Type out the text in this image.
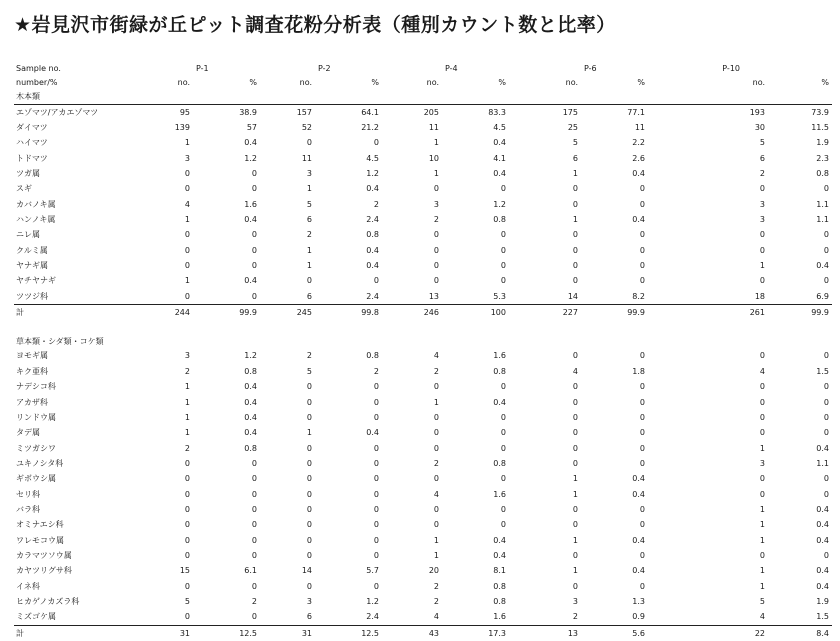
★岩見沢市街緑が丘ピット調査花粉分析表（種別カウント数と比率）
Sample no.		P-1		P-2		P-4		P-6	P-10	
number/%	no.	%	no.	%	no.	%	no.	%	no.	%
木本類										
エゾマツ/アカエゾマツ	95	38.9	157	64.1	205	83.3	175	77.1	193	73.9
ダイマツ	139	57	52	21.2	11	4.5	25	11	30	11.5
ハイマツ	1	0.4	0	0	1	0.4	5	2.2	5	1.9
トドマツ	3	1.2	11	4.5	10	4.1	6	2.6	6	2.3
ツガ属	0	0	3	1.2	1	0.4	1	0.4	2	0.8
スギ	0	0	1	0.4	0	0	0	0	0	0
カバノキ属	4	1.6	5	2	3	1.2	0	0	3	1.1
ハンノキ属	1	0.4	6	2.4	2	0.8	1	0.4	3	1.1
ニレ属	0	0	2	0.8	0	0	0	0	0	0
クルミ属	0	0	1	0.4	0	0	0	0	0	0
ヤナギ属	0	0	1	0.4	0	0	0	0	1	0.4
ヤチヤナギ	1	0.4	0	0	0	0	0	0	0	0
ツツジ科	0	0	6	2.4	13	5.3	14	8.2	18	6.9
計	244	99.9	245	99.8	246	100	227	99.9	261	99.9

草本類・シダ類・コケ類										
ヨモギ属	3	1.2	2	0.8	4	1.6	0	0	0	0
キク亜科	2	0.8	5	2	2	0.8	4	1.8	4	1.5
ナデシコ科	1	0.4	0	0	0	0	0	0	0	0
アカザ科	1	0.4	0	0	1	0.4	0	0	0	0
リンドウ属	1	0.4	0	0	0	0	0	0	0	0
タデ属	1	0.4	1	0.4	0	0	0	0	0	0
ミツガシワ	2	0.8	0	0	0	0	0	0	1	0.4
ユキノシタ科	0	0	0	0	2	0.8	0	0	3	1.1
ギボウシ属	0	0	0	0	0	0	1	0.4	0	0
セリ科	0	0	0	0	4	1.6	1	0.4	0	0
バラ科	0	0	0	0	0	0	0	0	1	0.4
オミナエシ科	0	0	0	0	0	0	0	0	1	0.4
ワレモコウ属	0	0	0	0	1	0.4	1	0.4	1	0.4
カラマツソウ属	0	0	0	0	1	0.4	0	0	0	0
カヤツリグサ科	15	6.1	14	5.7	20	8.1	1	0.4	1	0.4
イネ科	0	0	0	0	2	0.8	0	0	1	0.4
ヒカゲノカズラ科	5	2	3	1.2	2	0.8	3	1.3	5	1.9
ミズゴケ属	0	0	6	2.4	4	1.6	2	0.9	4	1.5
計	31	12.5	31	12.5	43	17.3	13	5.6	22	8.4
